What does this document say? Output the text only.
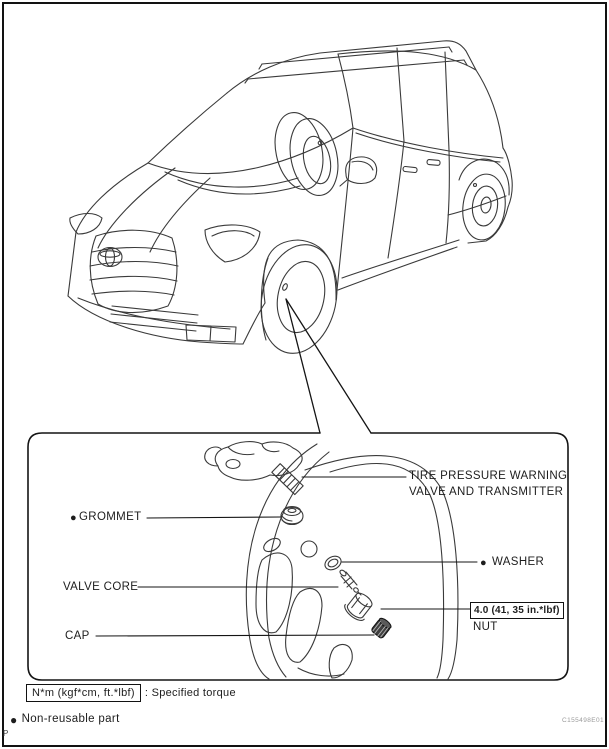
TIRE PRESSURE WARNING
VALVE AND TRANSMITTER
● GROMMET
● WASHER
VALVE CORE
4.0 (41, 35 in.*lbf)
NUT
CAP
N*m (kgf*cm, ft.*lbf) : Specified torque
● Non-reusable part
P
C155498E01
